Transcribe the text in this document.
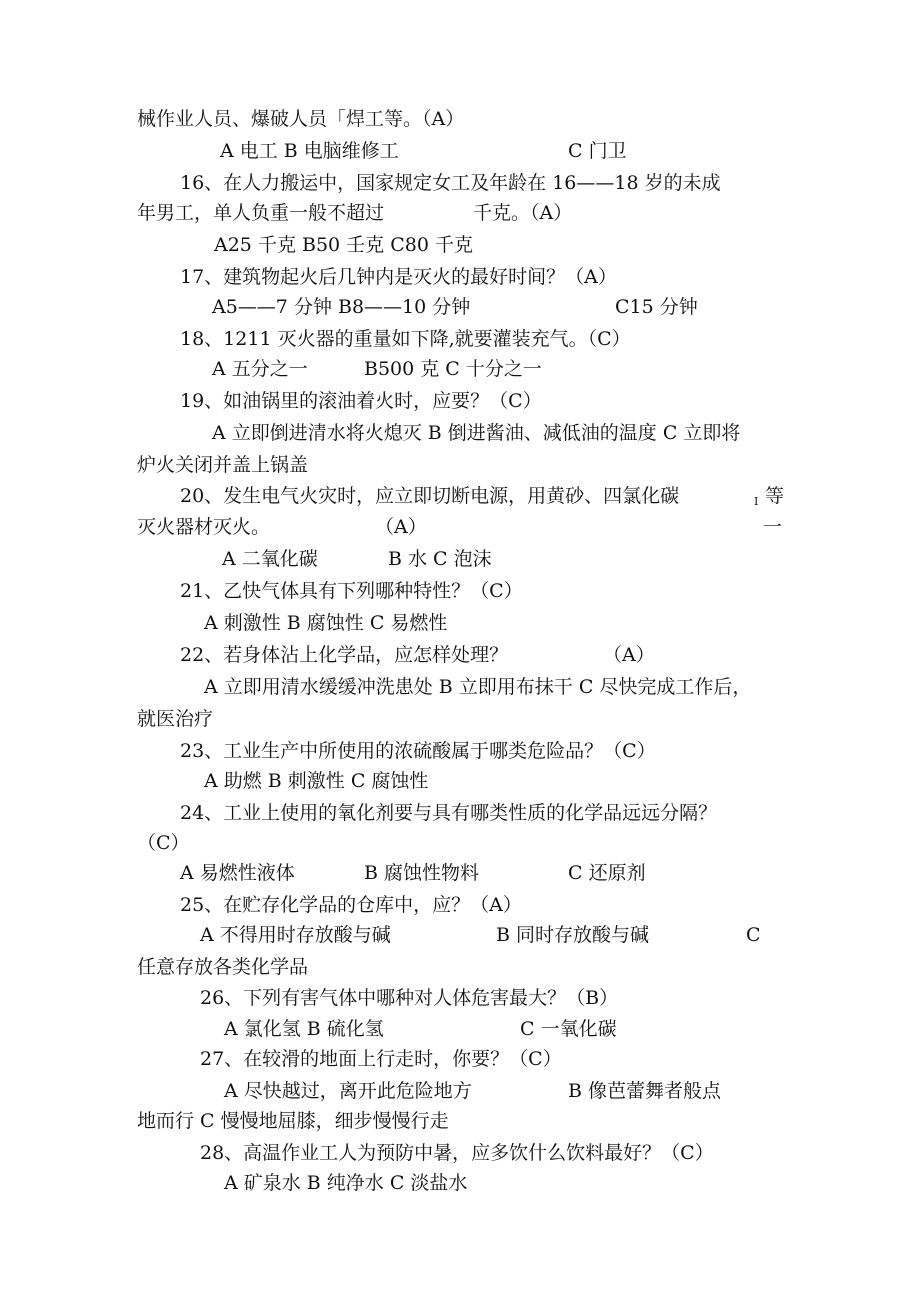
械作业人员、爆破人员「焊工等。（A）
A 电工 B 电脑维修工	C 门卫
16、在人力搬运中，国家规定女工及年龄在 16——18 岁的未成
年男工，单人负重一般不超过	千克。（A）
A25 千克 B50 壬克 C80 千克
17、建筑物起火后几钟内是灭火的最好时间？（A）
A5——7 分钟 B8——10 分钟	C15 分钟
18、1211 灭火器的重量如下降,就要灌装充气。（C）
A 五分之一	B500 克 C 十分之一
19、如油锅里的滚油着火时，应要？（C）
A 立即倒进清水将火熄灭 B 倒进酱油、减低油的温度 C 立即将
炉火关闭并盖上锅盖
20、发生电气火灾时，应立即切断电源，用黄砂、四氯化碳	I 等
灭火器材灭火。	（A）	一
A 二氧化碳	B 水 C 泡沫
21、乙快气体具有下列哪种特性？（C）
A 刺激性 B 腐蚀性 C 易燃性
22、若身体沾上化学品，应怎样处理？	（A）
A 立即用清水缓缓冲洗患处 B 立即用布抹干 C 尽快完成工作后，
就医治疗
23、工业生产中所使用的浓硫酸属于哪类危险品？（C）
A 助燃 B 刺激性 C 腐蚀性
24、工业上使用的氧化剂要与具有哪类性质的化学品远远分隔？
（C）
A 易燃性液体	B 腐蚀性物料	C 还原剂
25、在贮存化学品的仓库中，应？（A）
A 不得用时存放酸与碱	B 同时存放酸与碱	C
任意存放各类化学品
26、下列有害气体中哪种对人体危害最大？（B）
A 氯化氢 B 硫化氢	C 一氧化碳
27、在较滑的地面上行走时，你要？（C）
A 尽快越过，离开此危险地方	B 像芭蕾舞者般点
地而行 C 慢慢地屈膝，细步慢慢行走
28、高温作业工人为预防中暑，应多饮什么饮料最好？（C）
A 矿泉水 B 纯净水 C 淡盐水
